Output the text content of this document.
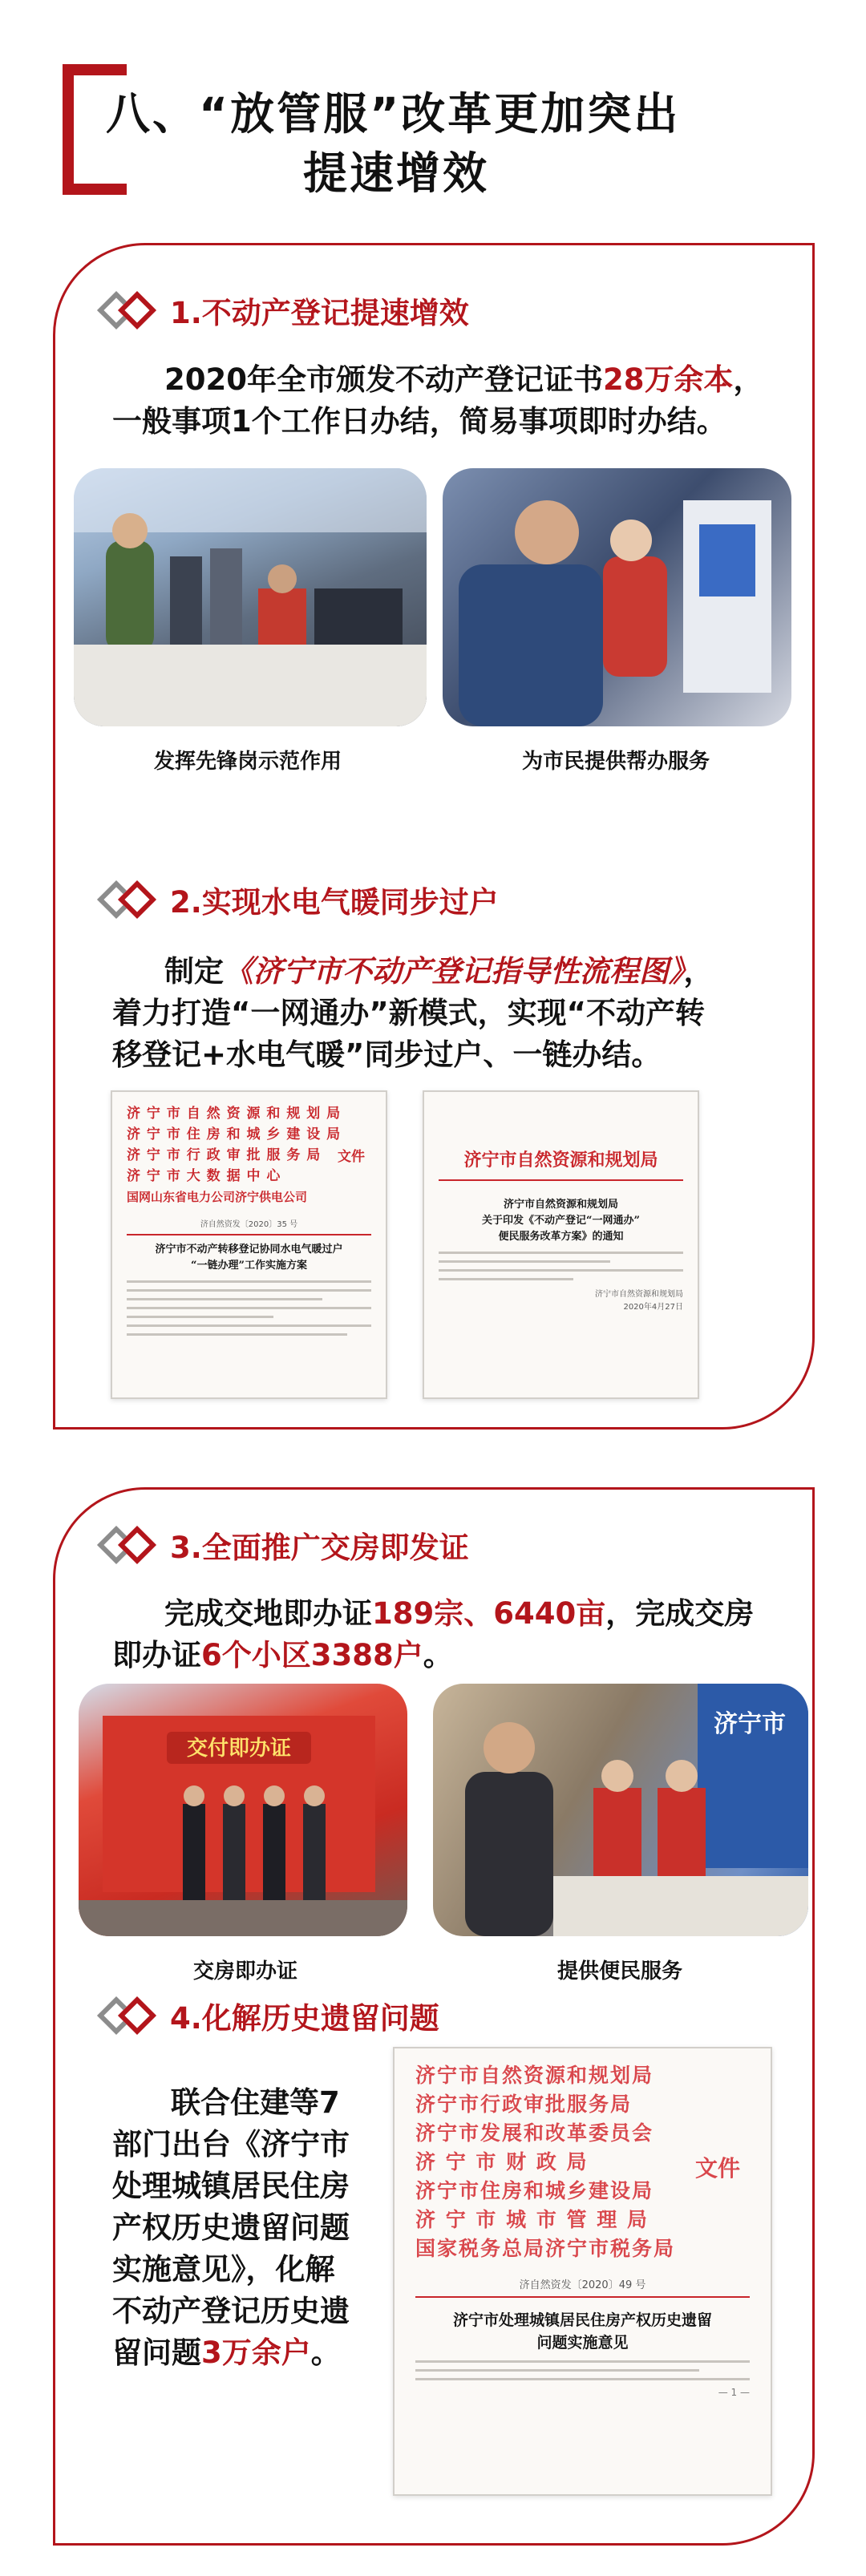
八、“放管服”改革更加突出
提速增效
1.不动产登记提速增效
2020年全市颁发不动产登记证书28万余本，
一般事项1个工作日办结，简易事项即时办结。
发挥先锋岗示范作用	为市民提供帮办服务
2.实现水电气暖同步过户
制定《济宁市不动产登记指导性流程图》，
着力打造“一网通办”新模式，实现“不动产转
移登记+水电气暖”同步过户、一链办结。
济 宁 市 自 然 资 源 和 规 划 局
济 宁 市 住 房 和 城 乡 建 设 局
济 宁 市 行 政 审 批 服 务 局
济 宁 市 大 数 据 中 心
国网山东省电力公司济宁供电公司
文件
济自然资发〔2020〕35 号
济宁市不动产转移登记协同水电气暖过户
“一链办理”工作实施方案
济宁市自然资源和规划局
济宁市自然资源和规划局
关于印发《不动产登记“一网通办”
便民服务改革方案》的通知
济宁市自然资源和规划局
2020年4月27日
3.全面推广交房即发证
完成交地即办证189宗、6440亩，完成交房
即办证6个小区3388户。
交付即办证
济宁市
交房即办证	提供便民服务
4.化解历史遗留问题
联合住建等7
部门出台《济宁市
处理城镇居民住房
产权历史遗留问题
实施意见》，化解
不动产登记历史遗
留问题3万余户。
济宁市自然资源和规划局
济宁市行政审批服务局
济宁市发展和改革委员会
济 宁 市 财 政 局
济宁市住房和城乡建设局
济 宁 市 城 市 管 理 局
国家税务总局济宁市税务局
文件
济自然资发〔2020〕49 号
济宁市处理城镇居民住房产权历史遗留
问题实施意见
— 1 —
